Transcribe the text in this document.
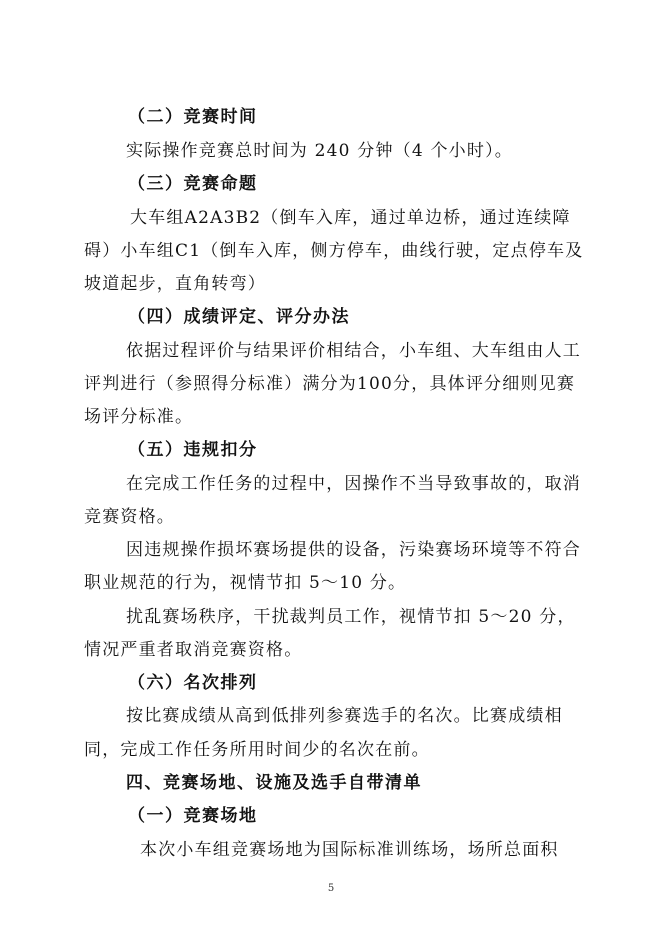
（二）竞赛时间
实际操作竞赛总时间为 240 分钟（4 个小时）。
（三）竞赛命题
大车组A2A3B2（倒车入库，通过单边桥，通过连续障
碍）小车组C1（倒车入库，侧方停车，曲线行驶，定点停车及
坡道起步，直角转弯）
（四）成绩评定、评分办法
依据过程评价与结果评价相结合，小车组、大车组由人工
评判进行（参照得分标准）满分为100分，具体评分细则见赛
场评分标准。
（五）违规扣分
在完成工作任务的过程中，因操作不当导致事故的，取消
竞赛资格。
因违规操作损坏赛场提供的设备，污染赛场环境等不符合
职业规范的行为，视情节扣 5～10 分。
扰乱赛场秩序，干扰裁判员工作，视情节扣 5～20 分，
情况严重者取消竞赛资格。
（六）名次排列
按比赛成绩从高到低排列参赛选手的名次。比赛成绩相
同，完成工作任务所用时间少的名次在前。
四、竞赛场地、设施及选手自带清单
（一）竞赛场地
本次小车组竞赛场地为国际标准训练场，场所总面积
5
